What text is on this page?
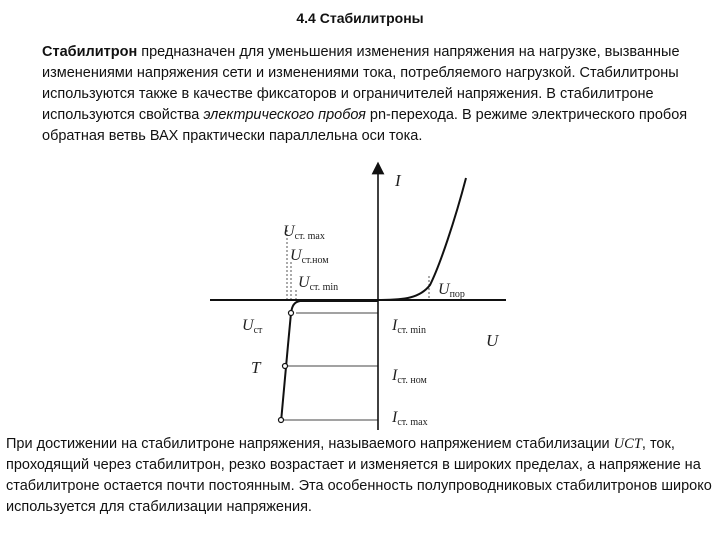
4.4 Стабилитроны
Стабилитрон предназначен для уменьшения изменения напряжения на нагрузке, вызванные изменениями напряжения сети и изменениями тока, потребляемого нагрузкой. Стабилитроны используются также в качестве фиксаторов и ограничителей напряжения. В стабилитроне используются свойства электрического пробоя pn-перехода. В режиме электрического пробоя обратная ветвь ВАХ практически параллельна оси тока.
I
U
Uст. max
Uст.ном
Uст. min
Uст
Uпор
T
Iст. min
Iст. ном
Iст. max
При достижении на стабилитроне напряжения, называемого напряжением стабилизации UСТ, ток, проходящий через стабилитрон, резко возрастает и изменяется в широких пределах, а напряжение на стабилитроне остается почти постоянным. Эта особенность полупроводниковых стабилитронов широко используется для стабилизации напряжения.
